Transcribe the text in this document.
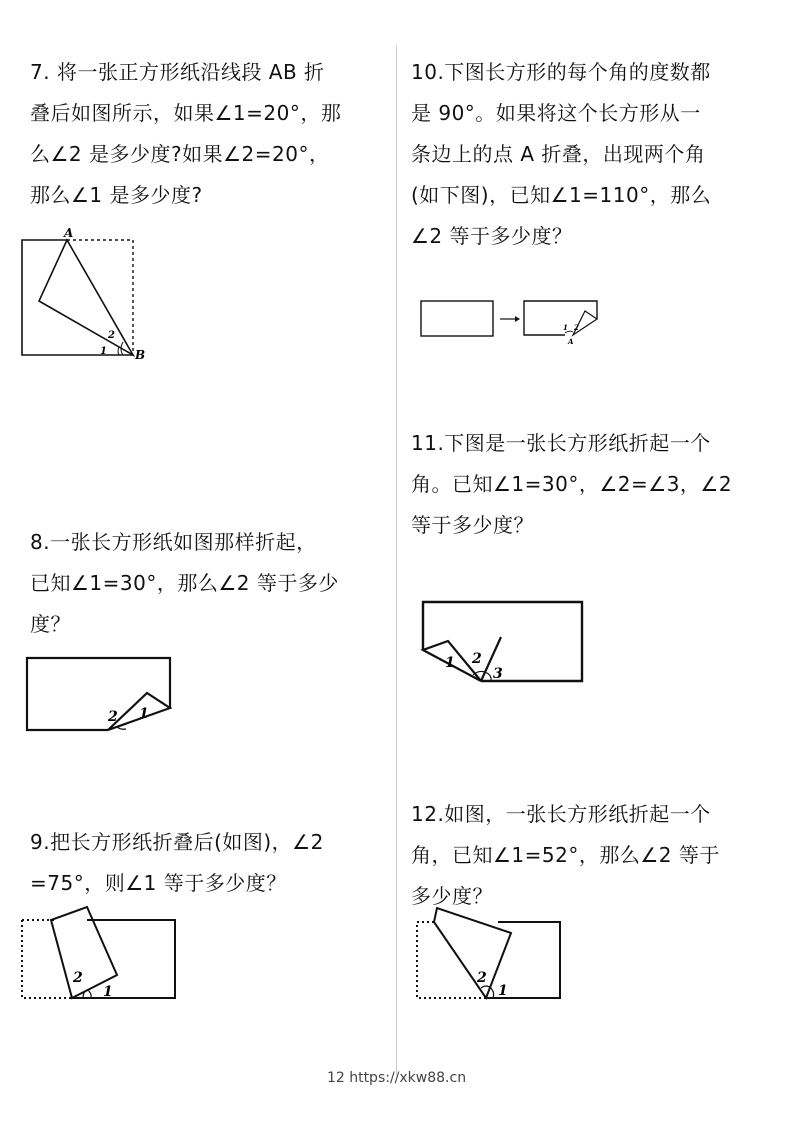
7. 将一张正方形纸沿线段 AB 折
叠后如图所示，如果∠1=20°，那
么∠2 是多少度?如果∠2=20°，
那么∠1 是多少度?
A
B
1
2
8.一张长方形纸如图那样折起，
已知∠1=30°，那么∠2 等于多少
度？
2 1
9.把长方形纸折叠后(如图)，∠2
=75°，则∠1 等于多少度？
2
1
10.下图长方形的每个角的度数都
是 90°。如果将这个长方形从一
条边上的点 A 折叠，出现两个角
(如下图)，已知∠1=110°，那么
∠2 等于多少度？
1 2
A
11.下图是一张长方形纸折起一个
角。已知∠1=30°，∠2=∠3，∠2
等于多少度？
1 2
3
12.如图，一张长方形纸折起一个
角，已知∠1=52°，那么∠2 等于
多少度？
2
1
12 https://xkw88.cn
